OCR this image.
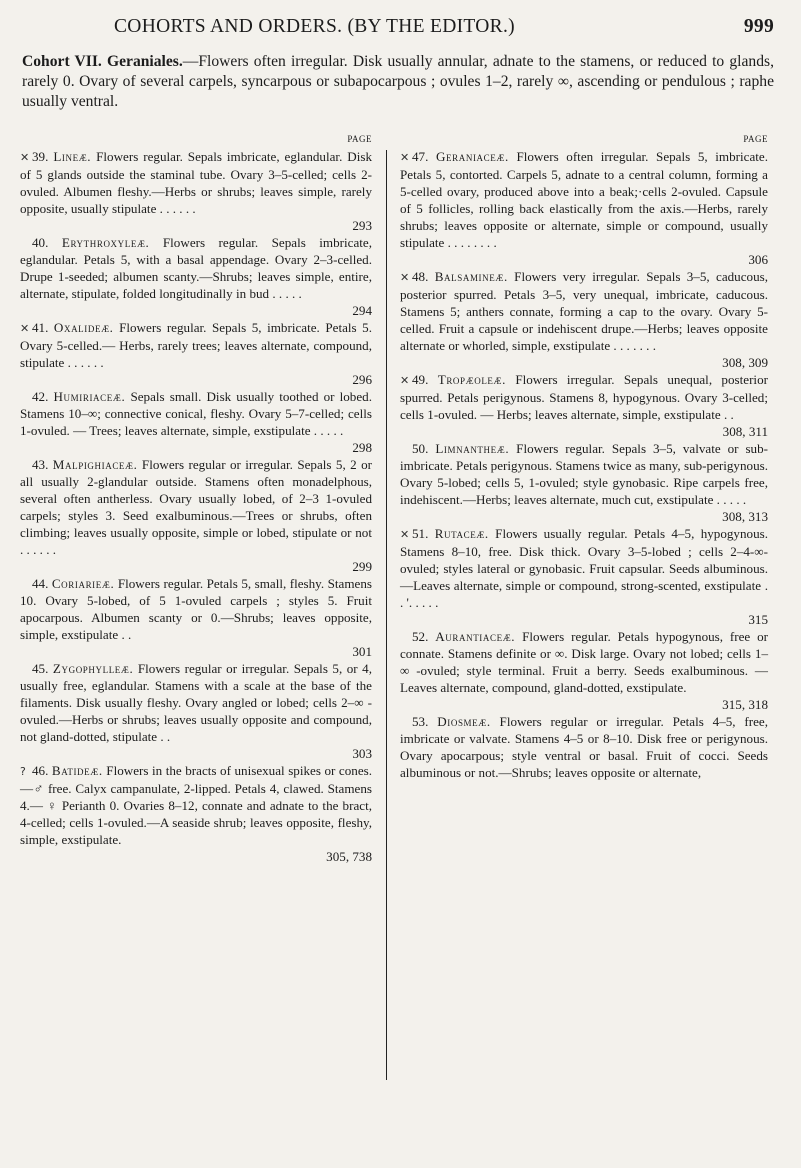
COHORTS AND ORDERS. (BY THE EDITOR.)	999
Cohort VII. Geraniales.—Flowers often irregular. Disk usually annular, adnate to the stamens, or reduced to glands, rarely 0. Ovary of several carpels, syncarpous or subapocarpous ; ovules 1–2, rarely ∞, ascending or pendulous ; raphe usually ventral.
PAGE
✕ 39. Lineæ. Flowers regular. Sepals imbricate, eglandular. Disk of 5 glands outside the staminal tube. Ovary 3–5-celled; cells 2-ovuled. Albumen fleshy.—Herbs or shrubs; leaves simple, rarely opposite, usually stipulate . . . . . .
293
40. Erythroxyleæ. Flowers regular. Sepals imbricate, eglandular. Petals 5, with a basal appendage. Ovary 2–3-celled. Drupe 1-seeded; albumen scanty.—Shrubs; leaves simple, entire, alternate, stipulate, folded longitudinally in bud . . . . .
294
✕ 41. Oxalideæ. Flowers regular. Sepals 5, imbricate. Petals 5. Ovary 5-celled.— Herbs, rarely trees; leaves alternate, compound, stipulate . . . . . .
296
42. Humiriaceæ. Sepals small. Disk usually toothed or lobed. Stamens 10–∞; connective conical, fleshy. Ovary 5–7-celled; cells 1-ovuled. — Trees; leaves alternate, simple, exstipulate . . . . .
298
43. Malpighiaceæ. Flowers regular or irregular. Sepals 5, 2 or all usually 2-glandular outside. Stamens often monadelphous, several often antherless. Ovary usually lobed, of 2–3 1-ovuled carpels; styles 3. Seed exalbuminous.—Trees or shrubs, often climbing; leaves usually opposite, simple or lobed, stipulate or not . . . . . .
299
44. Coriarieæ. Flowers regular. Petals 5, small, fleshy. Stamens 10. Ovary 5-lobed, of 5 1-ovuled carpels ; styles 5. Fruit apocarpous. Albumen scanty or 0.—Shrubs; leaves opposite, simple, exstipulate . .
301
45. Zygophylleæ. Flowers regular or irregular. Sepals 5, or 4, usually free, eglandular. Stamens with a scale at the base of the filaments. Disk usually fleshy. Ovary angled or lobed; cells 2–∞ -ovuled.—Herbs or shrubs; leaves usually opposite and compound, not gland-dotted, stipulate . .
303
? 46. Batideæ. Flowers in the bracts of unisexual spikes or cones.—♂ free. Calyx campanulate, 2-lipped. Petals 4, clawed. Stamens 4.— ♀ Perianth 0. Ovaries 8–12, connate and adnate to the bract, 4-celled; cells 1-ovuled.—A seaside shrub; leaves opposite, fleshy, simple, exstipulate.
305, 738
PAGE
✕ 47. Geraniaceæ. Flowers often irregular. Sepals 5, imbricate. Petals 5, contorted. Carpels 5, adnate to a central column, forming a 5-celled ovary, produced above into a beak;·cells 2-ovuled. Capsule of 5 follicles, rolling back elastically from the axis.—Herbs, rarely shrubs; leaves opposite or alternate, simple or compound, usually stipulate . . . . . . . .
306
✕ 48. Balsamineæ. Flowers very irregular. Sepals 3–5, caducous, posterior spurred. Petals 3–5, very unequal, imbricate, caducous. Stamens 5; anthers connate, forming a cap to the ovary. Ovary 5-celled. Fruit a capsule or indehiscent drupe.—Herbs; leaves opposite alternate or whorled, simple, exstipulate . . . . . . .
308, 309
✕ 49. Tropæoleæ. Flowers irregular. Sepals unequal, posterior spurred. Petals perigynous. Stamens 8, hypogynous. Ovary 3-celled; cells 1-ovuled. — Herbs; leaves alternate, simple, exstipulate . .
308, 311
50. Limnantheæ. Flowers regular. Sepals 3–5, valvate or sub-imbricate. Petals perigynous. Stamens twice as many, sub-perigynous. Ovary 5-lobed; cells 5, 1-ovuled; style gynobasic. Ripe carpels free, indehiscent.—Herbs; leaves alternate, much cut, exstipulate . . . . .
308, 313
✕ 51. Rutaceæ. Flowers usually regular. Petals 4–5, hypogynous. Stamens 8–10, free. Disk thick. Ovary 3–5-lobed ; cells 2–4-∞-ovuled; styles lateral or gynobasic. Fruit capsular. Seeds albuminous.—Leaves alternate, simple or compound, strong-scented, exstipulate . . '. . . . .
315
52. Aurantiaceæ. Flowers regular. Petals hypogynous, free or connate. Stamens definite or ∞. Disk large. Ovary not lobed; cells 1–∞ -ovuled; style terminal. Fruit a berry. Seeds exalbuminous. — Leaves alternate, compound, gland-dotted, exstipulate.
315, 318
53. Diosmeæ. Flowers regular or irregular. Petals 4–5, free, imbricate or valvate. Stamens 4–5 or 8–10. Disk free or perigynous. Ovary apocarpous; style ventral or basal. Fruit of cocci. Seeds albuminous or not.—Shrubs; leaves opposite or alternate,
